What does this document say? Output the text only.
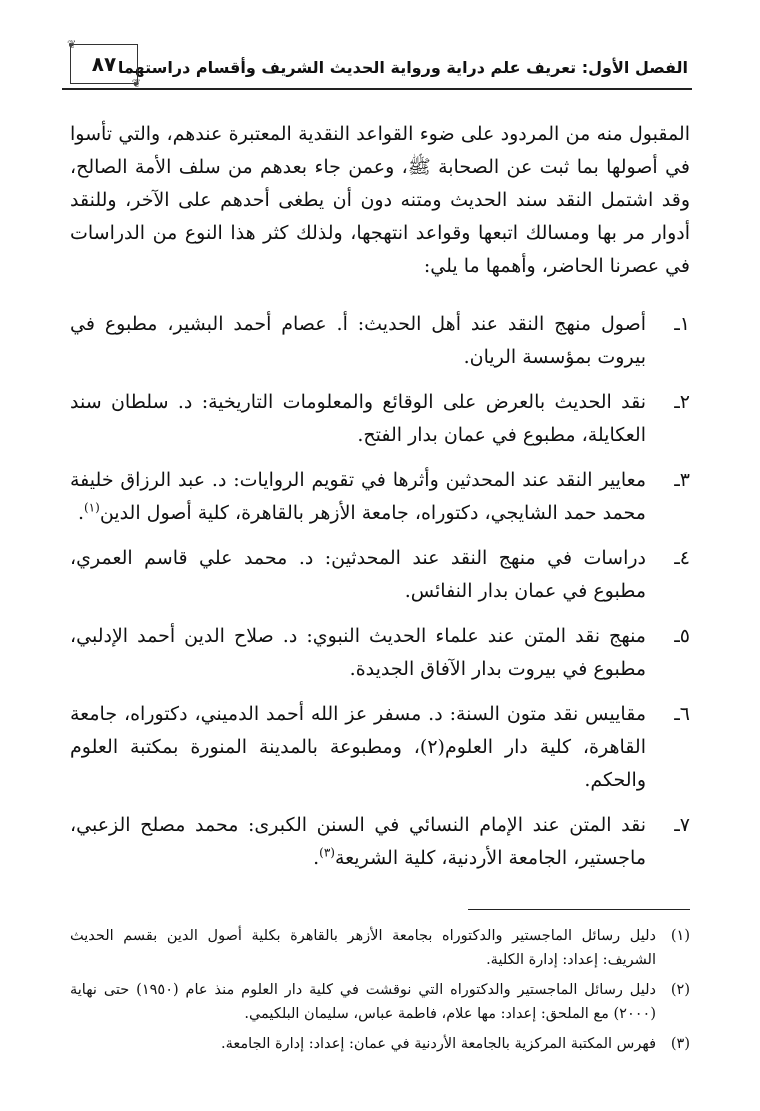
الفصل الأول: تعريف علم دراية ورواية الحديث الشريف وأقسام دراستهما
❦
٨٧
❦

المقبول منه من المردود على ضوء القواعد النقدية المعتبرة عندهم، والتي تأسوا في أصولها بما ثبت عن الصحابة ﷺ، وعمن جاء بعدهم من سلف الأمة الصالح، وقد اشتمل النقد سند الحديث ومتنه دون أن يطغى أحدهم على الآخر، وللنقد أدوار مر بها ومسالك اتبعها وقواعد انتهجها، ولذلك كثر هذا النوع من الدراسات في عصرنا الحاضر، وأهمها ما يلي:

١ـ
أصول منهج النقد عند أهل الحديث: أ. عصام أحمد البشير، مطبوع في بيروت بمؤسسة الريان.
٢ـ
نقد الحديث بالعرض على الوقائع والمعلومات التاريخية: د. سلطان سند العكايلة، مطبوع في عمان بدار الفتح.
٣ـ
معايير النقد عند المحدثين وأثرها في تقويم الروايات: د. عبد الرزاق خليفة محمد حمد الشايجي، دكتوراه، جامعة الأزهر بالقاهرة، كلية أصول الدين$^{(١)}$.
٤ـ
دراسات في منهج النقد عند المحدثين: د. محمد علي قاسم العمري، مطبوع في عمان بدار النفائس.
٥ـ
منهج نقد المتن عند علماء الحديث النبوي: د. صلاح الدين أحمد الإدلبي، مطبوع في بيروت بدار الآفاق الجديدة.
٦ـ
مقاييس نقد متون السنة: د. مسفر عز الله أحمد الدميني، دكتوراه، جامعة القاهرة، كلية دار العلوم(٢)، ومطبوعة بالمدينة المنورة بمكتبة العلوم والحكم.
٧ـ
نقد المتن عند الإمام النسائي في السنن الكبرى: محمد مصلح الزعبي، ماجستير، الجامعة الأردنية، كلية الشريعة$^{(٣)}$.
(١)
دليل رسائل الماجستير والدكتوراه بجامعة الأزهر بالقاهرة بكلية أصول الدين بقسم الحديث الشريف: إعداد: إدارة الكلية.
(٢)
دليل رسائل الماجستير والدكتوراه التي نوقشت في كلية دار العلوم منذ عام (١٩٥٠) حتى نهاية (٢٠٠٠) مع الملحق: إعداد: مها علام، فاطمة عباس، سليمان البلكيمي.
(٣)
فهرس المكتبة المركزية بالجامعة الأردنية في عمان: إعداد: إدارة الجامعة.
